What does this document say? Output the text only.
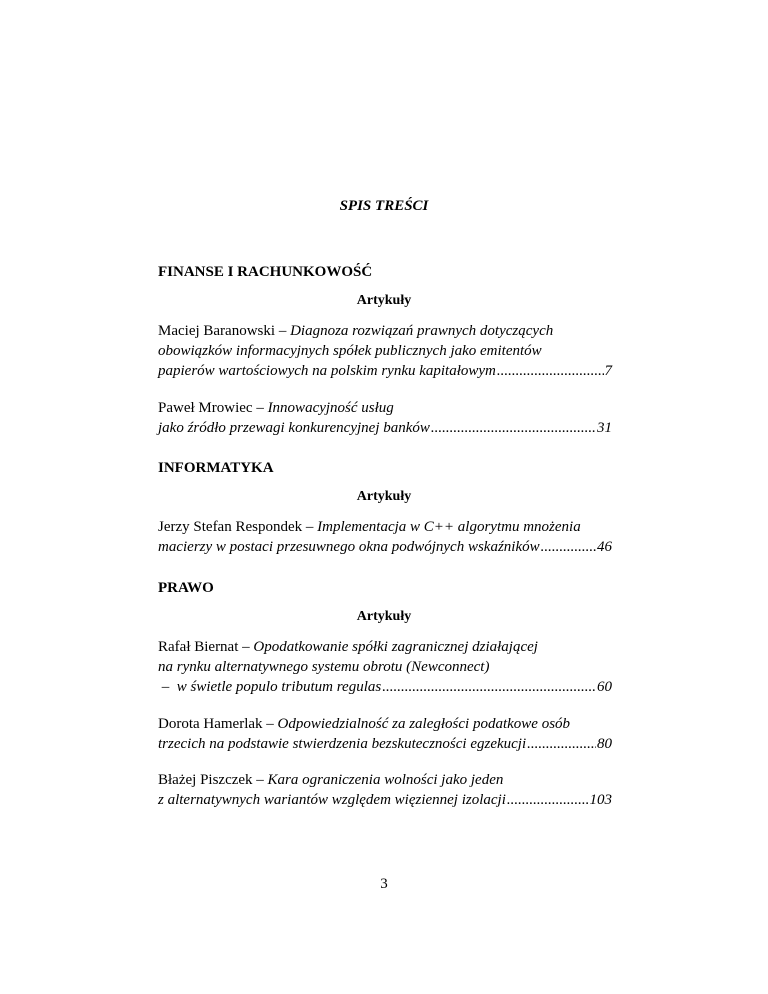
SPIS TREŚCI
FINANSE I RACHUNKOWOŚĆ
Artykuły
Maciej Baranowski – Diagnoza rozwiązań prawnych dotyczących
obowiązków informacyjnych spółek publicznych jako emitentów
papierów wartościowych na polskim rynku kapitałowym .....	7
Paweł Mrowiec – Innowacyjność usług
jako źródło przewagi konkurencyjnej banków .....	31
INFORMATYKA
Artykuły
Jerzy Stefan Respondek – Implementacja w C++ algorytmu mnożenia
macierzy w postaci przesuwnego okna podwójnych wskaźników .....	46
PRAWO
Artykuły
Rafał Biernat – Opodatkowanie spółki zagranicznej działającej
na rynku alternatywnego systemu obrotu (Newconnect)
–  w świetle populo tributum regulas .....	60
Dorota Hamerlak – Odpowiedzialność za zaległości podatkowe osób
trzecich na podstawie stwierdzenia bezskuteczności egzekucji .....	80
Błażej Piszczek – Kara ograniczenia wolności jako jeden
z alternatywnych wariantów względem więziennej izolacji .....	103
3
